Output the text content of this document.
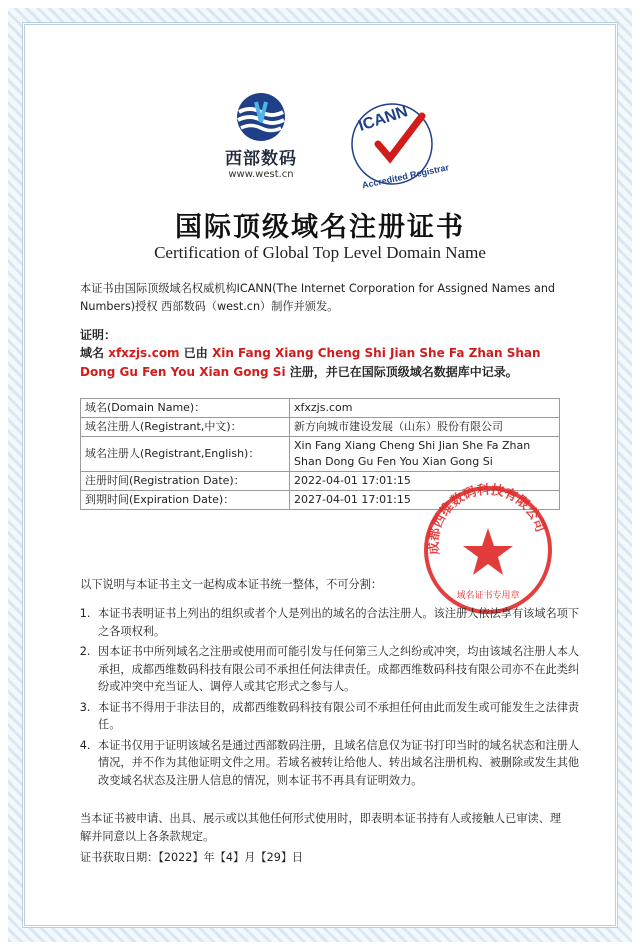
西部数码
www.west.cn
ICANN
Accredited Registrar
国际顶级域名注册证书
Certification of Global Top Level Domain Name
本证书由国际顶级域名权威机构ICANN(The Internet Corporation for Assigned Names and Numbers)授权 西部数码（west.cn）制作并颁发。
证明：
域名 xfxzjs.com 已由 Xin Fang Xiang Cheng Shi Jian She Fa Zhan Shan Dong Gu Fen You Xian Gong Si 注册，并已在国际顶级域名数据库中记录。
域名(Domain Name)：	xfxzjs.com
域名注册人(Registrant,中文)：	新方向城市建设发展（山东）股份有限公司
域名注册人(Registrant,English)：	Xin Fang Xiang Cheng Shi Jian She Fa Zhan Shan Dong Gu Fen You Xian Gong Si
注册时间(Registration Date)：	2022-04-01 17:01:15
到期时间(Expiration Date)：	2027-04-01 17:01:15
成都西维数码科技有限公司
域名证书专用章
以下说明与本证书主文一起构成本证书统一整体，不可分割：
1. 本证书表明证书上列出的组织或者个人是列出的域名的合法注册人。该注册人依法享有该域名项下之各项权利。
2. 因本证书中所列域名之注册或使用而可能引发与任何第三人之纠纷或冲突，均由该域名注册人本人承担，成都西维数码科技有限公司不承担任何法律责任。成都西维数码科技有限公司亦不在此类纠纷或冲突中充当证人、调停人或其它形式之参与人。
3. 本证书不得用于非法目的，成都西维数码科技有限公司不承担任何由此而发生或可能发生之法律责任。
4. 本证书仅用于证明该域名是通过西部数码注册，且域名信息仅为证书打印当时的域名状态和注册人情况，并不作为其他证明文件之用。若域名被转让给他人、转出域名注册机构、被删除或发生其他改变域名状态及注册人信息的情况，则本证书不再具有证明效力。
当本证书被申请、出具、展示或以其他任何形式使用时，即表明本证书持有人或接触人已审读、理解并同意以上各条款规定。
证书获取日期：【2022】年【4】月【29】日
